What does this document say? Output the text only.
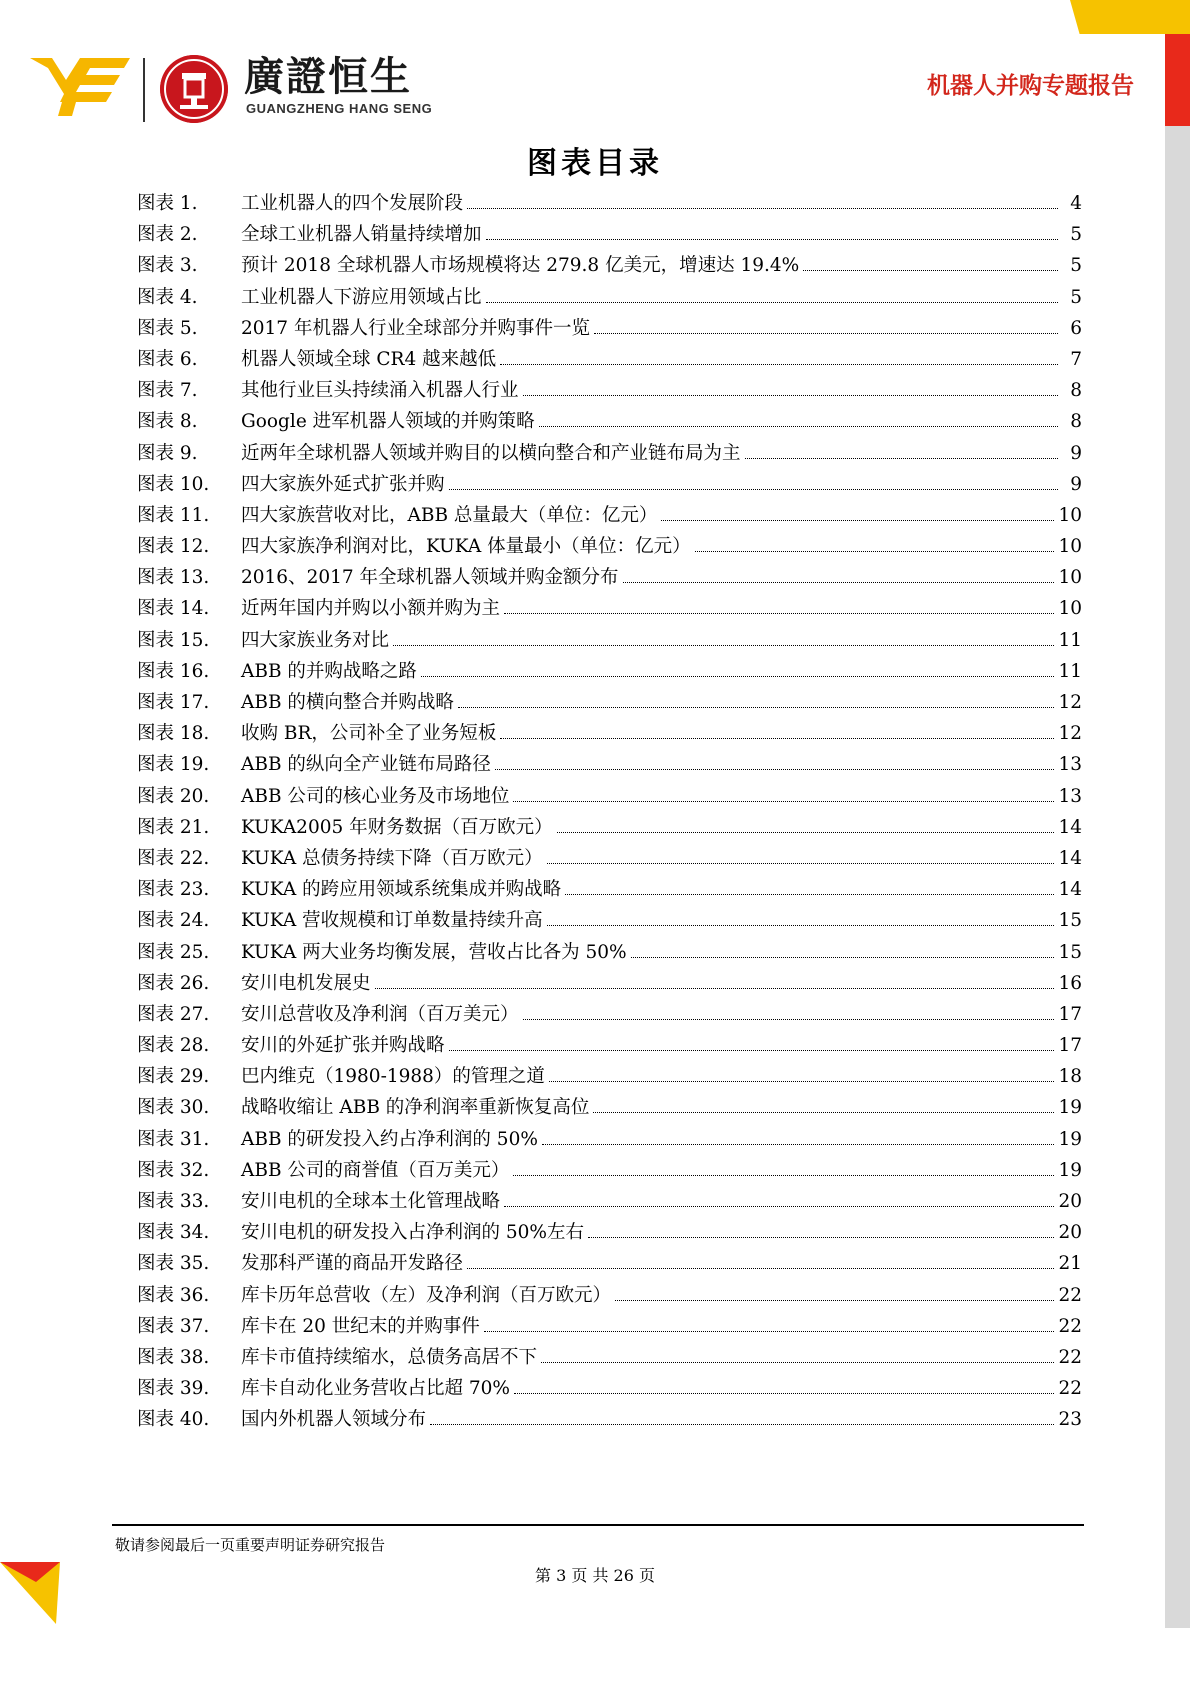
廣證恒生
GUANGZHENG HANG SENG
机器人并购专题报告
图表目录
图表 1.	工业机器人的四个发展阶段	4
图表 2.	全球工业机器人销量持续增加	5
图表 3.	预计 2018 全球机器人市场规模将达 279.8 亿美元，增速达 19.4%	5
图表 4.	工业机器人下游应用领域占比	5
图表 5.	2017 年机器人行业全球部分并购事件一览	6
图表 6.	机器人领域全球 CR4 越来越低	7
图表 7.	其他行业巨头持续涌入机器人行业	8
图表 8.	Google 进军机器人领域的并购策略	8
图表 9.	近两年全球机器人领域并购目的以横向整合和产业链布局为主	9
图表 10.	四大家族外延式扩张并购	9
图表 11.	四大家族营收对比，ABB 总量最大（单位：亿元）	10
图表 12.	四大家族净利润对比，KUKA 体量最小（单位：亿元）	10
图表 13.	2016、2017 年全球机器人领域并购金额分布	10
图表 14.	近两年国内并购以小额并购为主	10
图表 15.	四大家族业务对比	11
图表 16.	ABB 的并购战略之路	11
图表 17.	ABB 的横向整合并购战略	12
图表 18.	收购 BR，公司补全了业务短板	12
图表 19.	ABB 的纵向全产业链布局路径	13
图表 20.	ABB 公司的核心业务及市场地位	13
图表 21.	KUKA2005 年财务数据（百万欧元）	14
图表 22.	KUKA 总债务持续下降（百万欧元）	14
图表 23.	KUKA 的跨应用领域系统集成并购战略	14
图表 24.	KUKA 营收规模和订单数量持续升高	15
图表 25.	KUKA 两大业务均衡发展，营收占比各为 50%	15
图表 26.	安川电机发展史	16
图表 27.	安川总营收及净利润（百万美元）	17
图表 28.	安川的外延扩张并购战略	17
图表 29.	巴内维克（1980-1988）的管理之道	18
图表 30.	战略收缩让 ABB 的净利润率重新恢复高位	19
图表 31.	ABB 的研发投入约占净利润的 50%	19
图表 32.	ABB 公司的商誉值（百万美元）	19
图表 33.	安川电机的全球本土化管理战略	20
图表 34.	安川电机的研发投入占净利润的 50%左右	20
图表 35.	发那科严谨的商品开发路径	21
图表 36.	库卡历年总营收（左）及净利润（百万欧元）	22
图表 37.	库卡在 20 世纪末的并购事件	22
图表 38.	库卡市值持续缩水，总债务高居不下	22
图表 39.	库卡自动化业务营收占比超 70%	22
图表 40.	国内外机器人领域分布	23
敬请参阅最后一页重要声明证券研究报告
第 3 页 共 26 页
